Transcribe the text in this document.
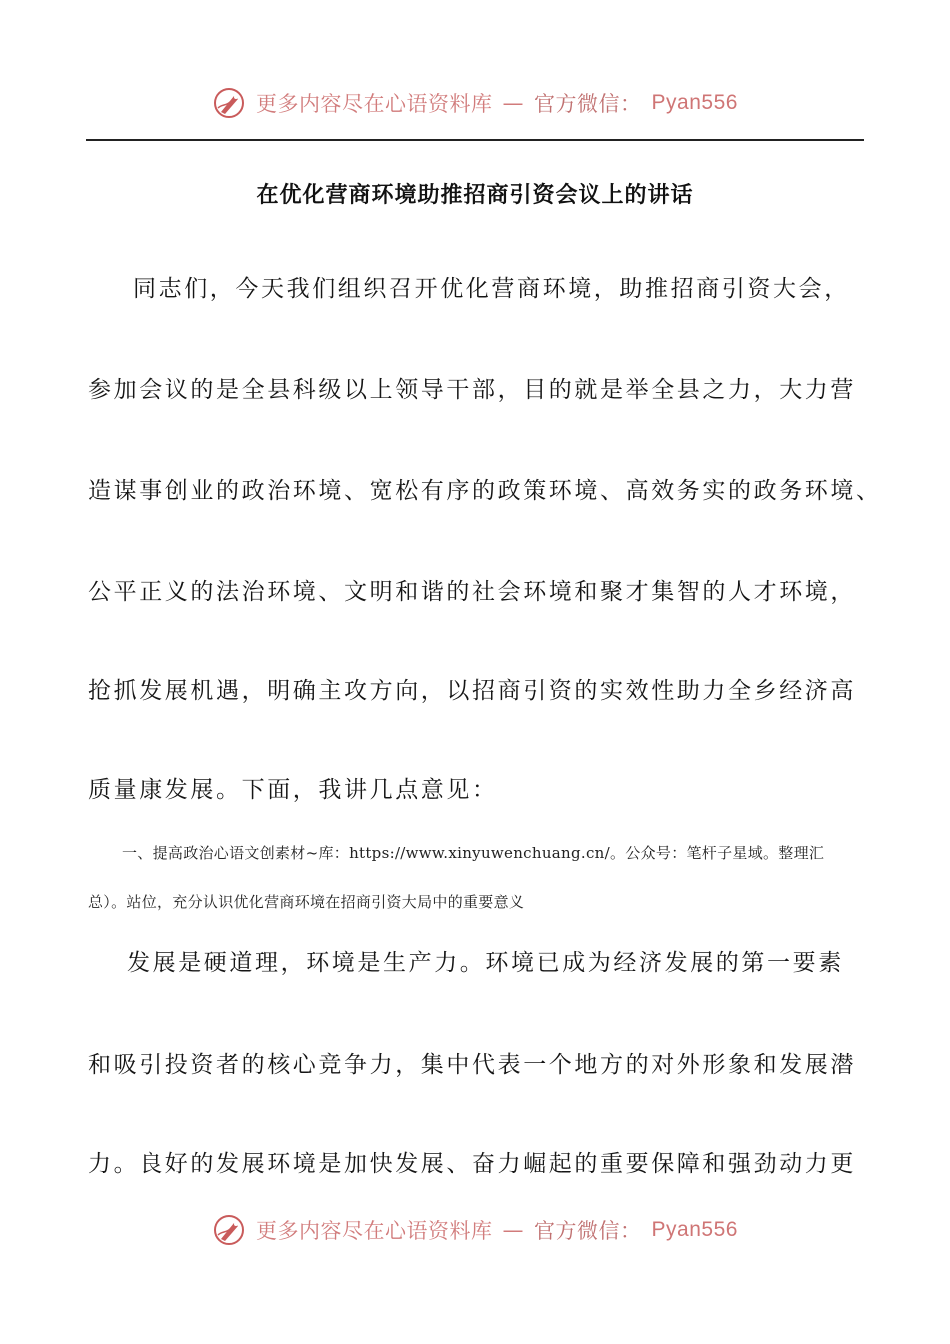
更多内容尽在心语资料库 — 官方微信： Pyan556
在优化营商环境助推招商引资会议上的讲话
同志们，今天我们组织召开优化营商环境，助推招商引资大会，
参加会议的是全县科级以上领导干部，目的就是举全县之力，大力营
造谋事创业的政治环境、宽松有序的政策环境、高效务实的政务环境、
公平正义的法治环境、文明和谐的社会环境和聚才集智的人才环境，
抢抓发展机遇，明确主攻方向，以招商引资的实效性助力全乡经济高
质量康发展。下面，我讲几点意见：
一、提高政治心语文创素材~库：https://www.xinyuwenchuang.cn/。公众号：笔杆子星域。整理汇
总）。站位，充分认识优化营商环境在招商引资大局中的重要意义
发展是硬道理，环境是生产力。环境已成为经济发展的第一要素
和吸引投资者的核心竞争力，集中代表一个地方的对外形象和发展潜
力。良好的发展环境是加快发展、奋力崛起的重要保障和强劲动力更
更多内容尽在心语资料库 — 官方微信： Pyan556
